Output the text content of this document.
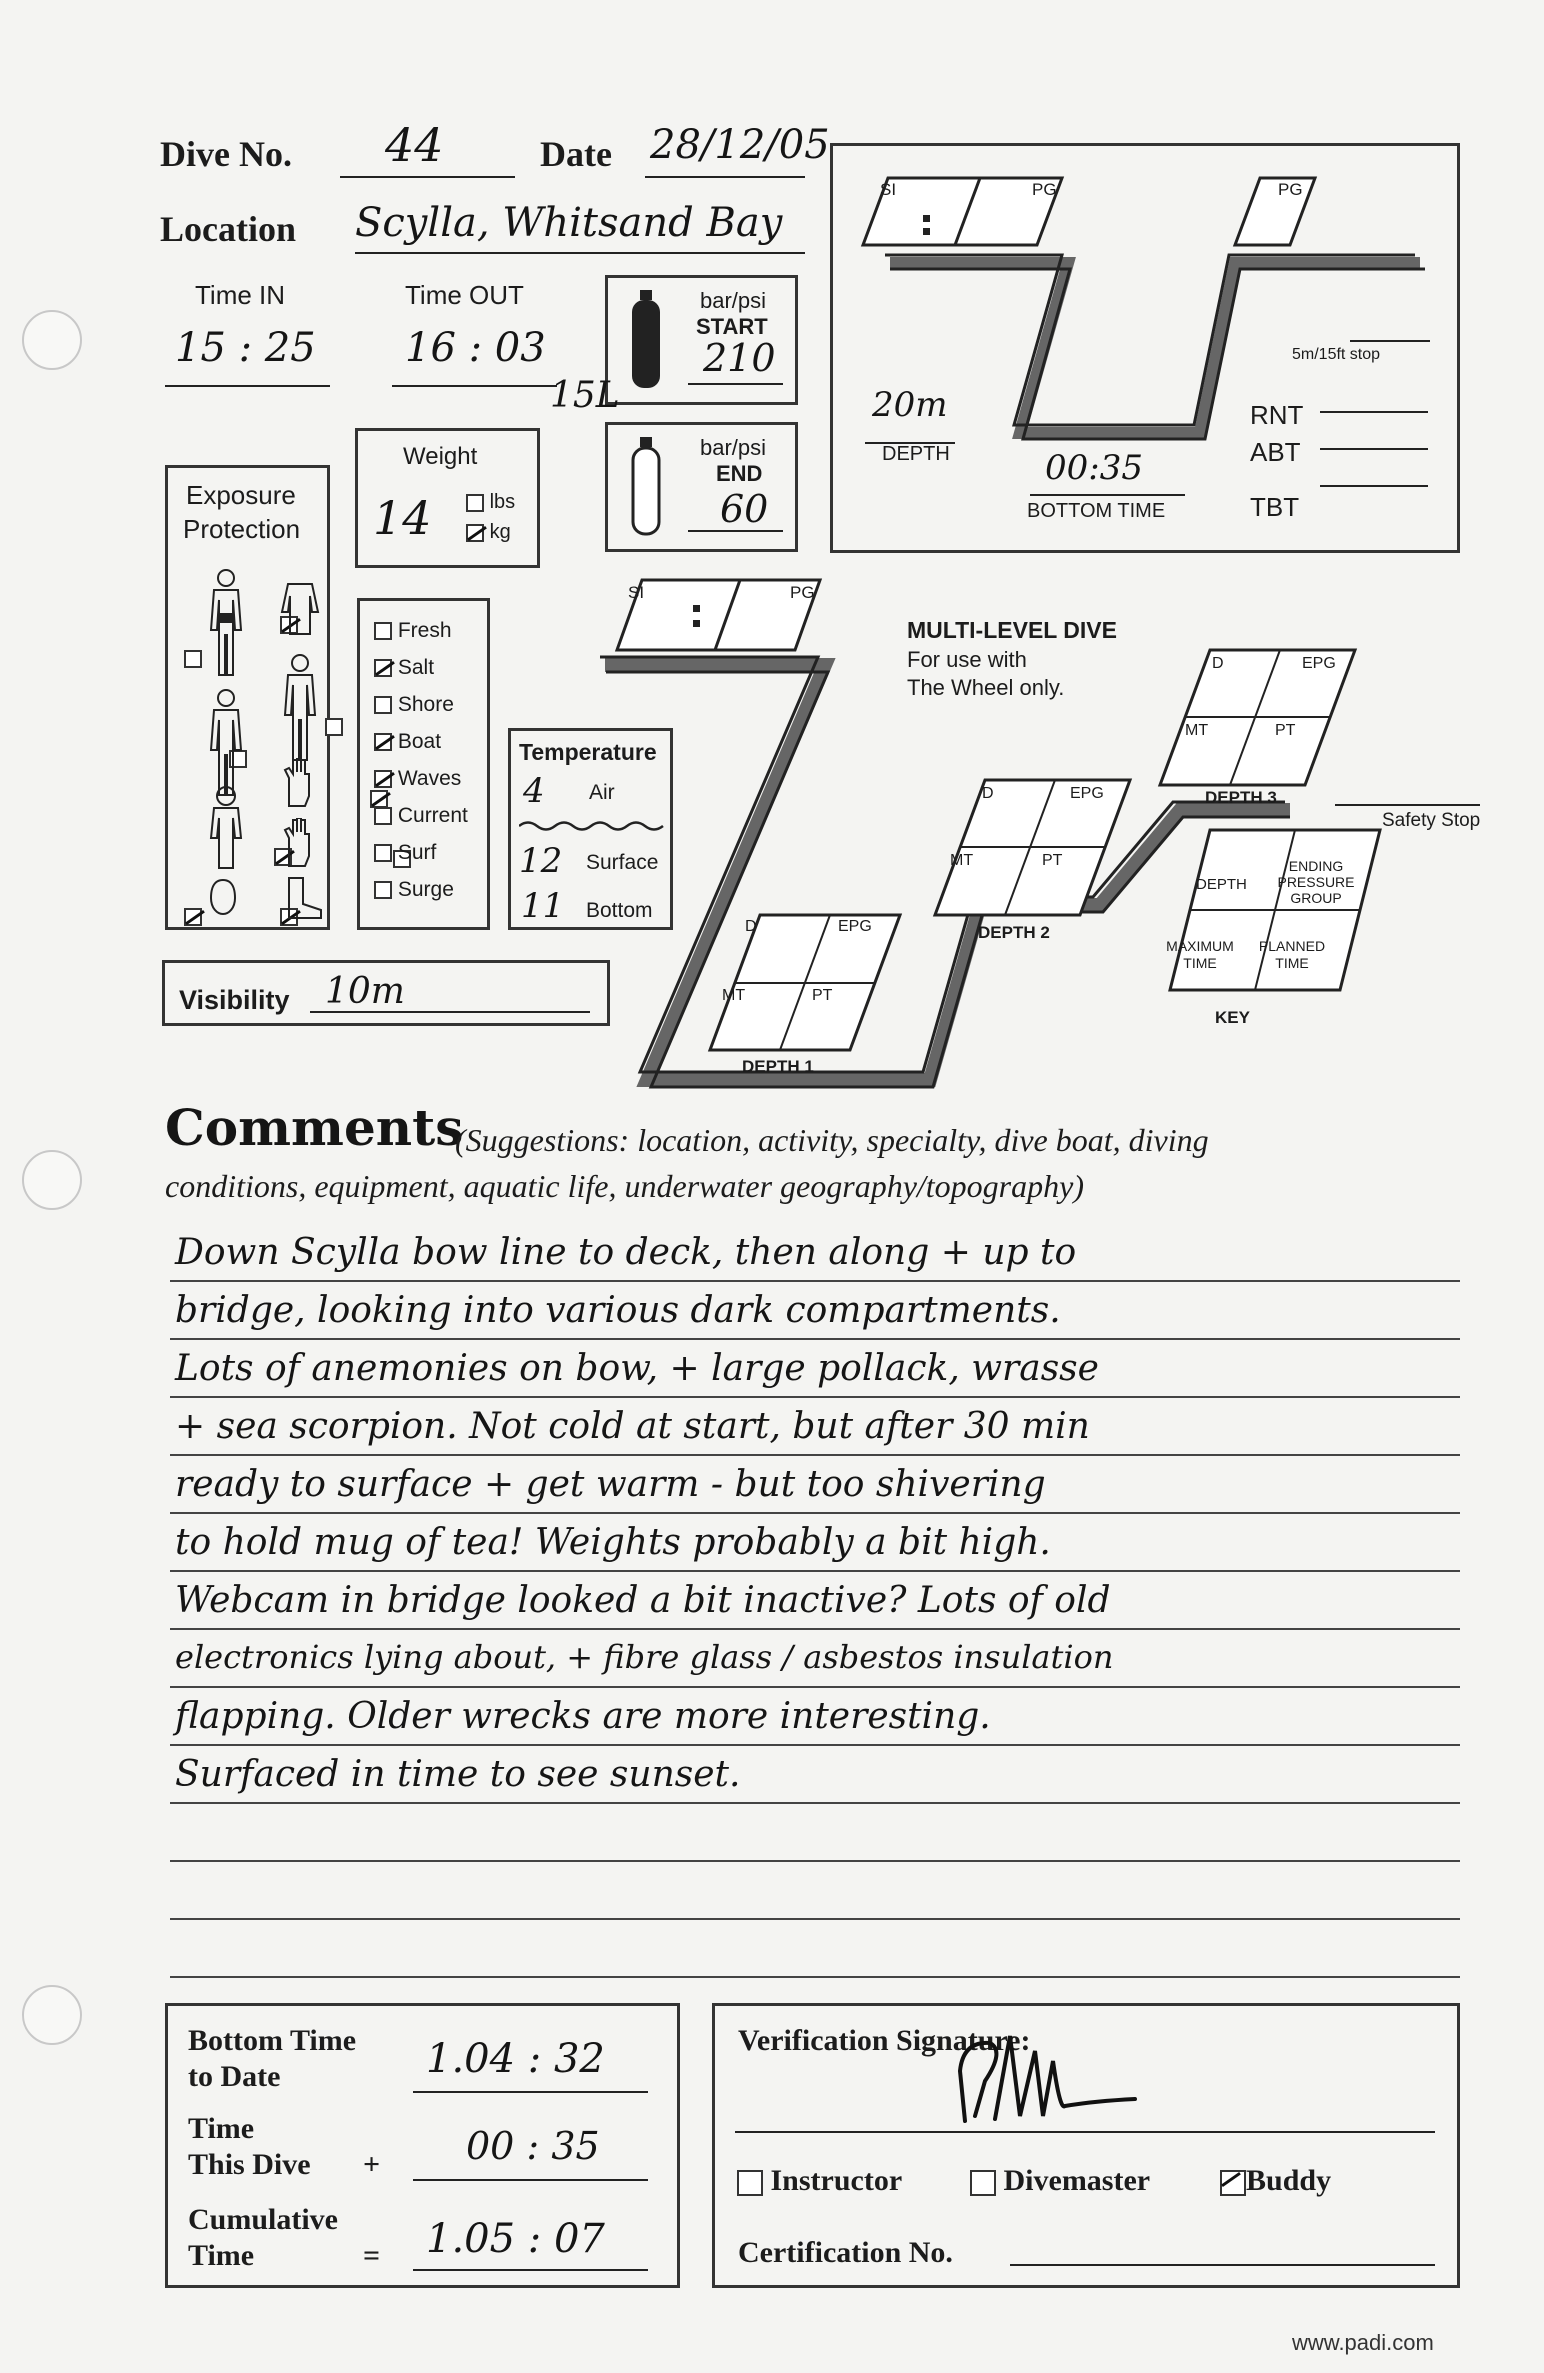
Dive No. 44	Date 28/12/05
Location Scylla, Whitsand Bay
Time IN
15 : 25
Time OUT
16 : 03
bar/psi
START
210
15L
bar/psi
END
60
Weight
14	lbs
kg
Exposure
Protection

Fresh
Salt
Shore
Boat
Waves
Current
Surf
Surge
Temperature
4 Air
12 Surface
11 Bottom
Visibility 10m
SI	PG	PG
20m
DEPTH	00:35
BOTTOM TIME
5m/15ft stop
RNT
ABT
TBT
SI	PG
MULTI-LEVEL DIVE
For use with
The Wheel only.
D	EPG
MT	PT
DEPTH 1
D	EPG
MT	PT
DEPTH 2
D	EPG
MT	PT
DEPTH 3
Safety Stop
DEPTH
ENDING
PRESSURE
GROUP
MAXIMUM
TIME
PLANNED
TIME
KEY
Comments
(Suggestions: location, activity, specialty, dive boat, diving
conditions, equipment, aquatic life, underwater geography/topography)
Down Scylla bow line to deck, then along + up to
bridge, looking into various dark compartments.
Lots of anemonies on bow, + large pollack, wrasse
+ sea scorpion. Not cold at start, but after 30 min
ready to surface + get warm - but too shivering
to hold mug of tea! Weights probably a bit high.
Webcam in bridge looked a bit inactive? Lots of old
electronics lying about, + fibre glass / asbestos insulation
flapping. Older wrecks are more interesting.
Surfaced in time to see sunset.
Bottom Time
to Date	1.04 : 32
Time
This Dive + 00 : 35
Cumulative
Time	= 1.05 : 07
Verification Signature:
Instructor	Divemaster	Buddy
Certification No.
www.padi.com
